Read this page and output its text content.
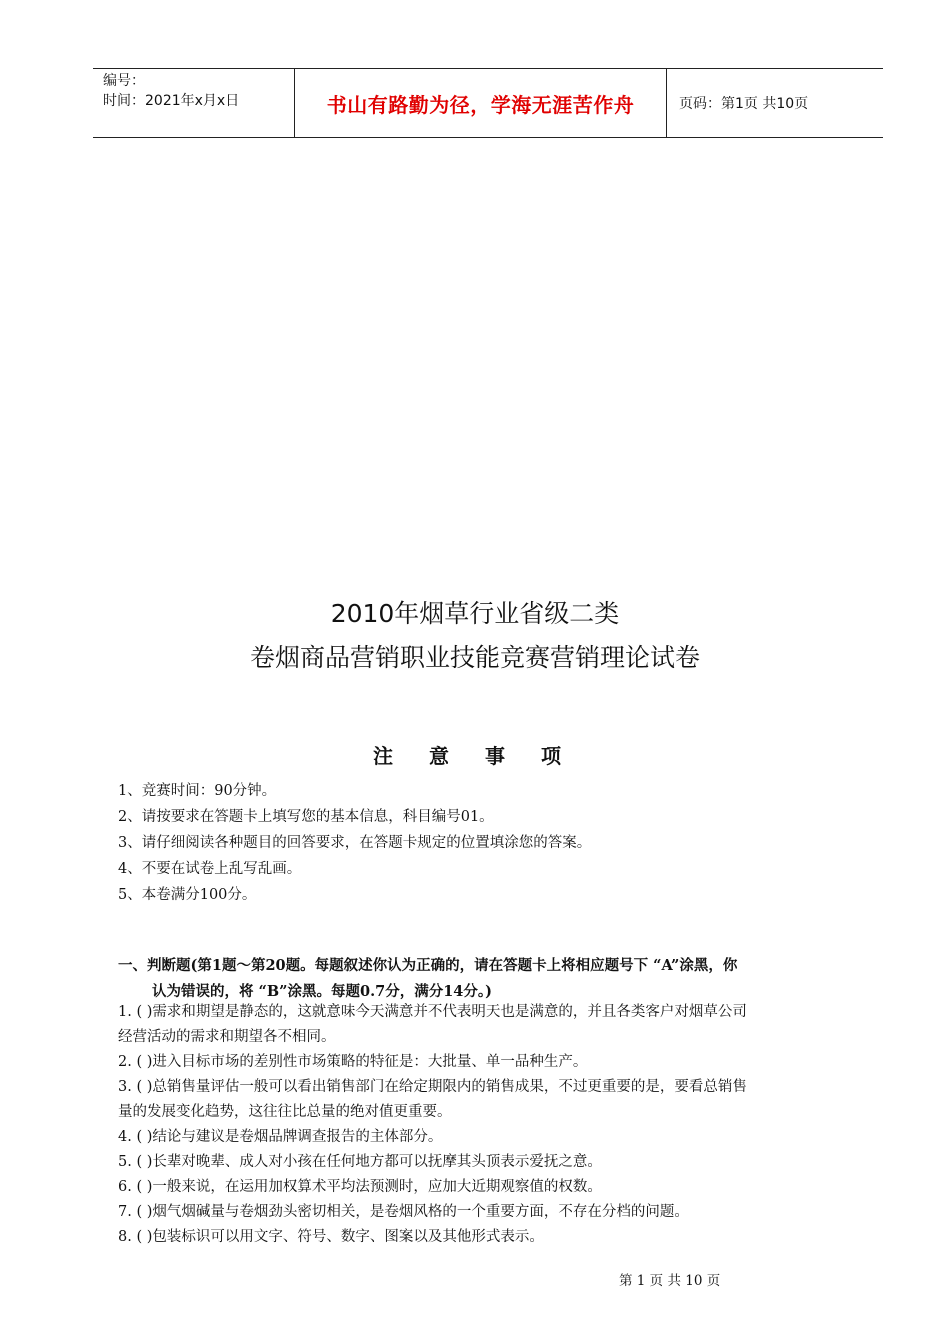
编号：
时间：2021年x月x日	书山有路勤为径，学海无涯苦作舟	页码：第1页 共10页
2010年烟草行业省级二类
卷烟商品营销职业技能竞赛营销理论试卷
注意事项
1、竞赛时间：90分钟。
2、请按要求在答题卡上填写您的基本信息，科目编号01。
3、请仔细阅读各种题目的回答要求，在答题卡规定的位置填涂您的答案。
4、不要在试卷上乱写乱画。
5、本卷满分100分。
一、判断题(第1题～第20题。每题叙述你认为正确的，请在答题卡上将相应题号下 “A”涂黑，你
认为错误的，将 “B”涂黑。每题0.7分，满分14分。)
1. ( )需求和期望是静态的，这就意味今天满意并不代表明天也是满意的，并且各类客户对烟草公司
经营活动的需求和期望各不相同。
2. ( )进入目标市场的差别性市场策略的特征是：大批量、单一品种生产。
3. ( )总销售量评估一般可以看出销售部门在给定期限内的销售成果，不过更重要的是，要看总销售
量的发展变化趋势，这往往比总量的绝对值更重要。
4. ( )结论与建议是卷烟品牌调查报告的主体部分。
5. ( )长辈对晚辈、成人对小孩在任何地方都可以抚摩其头顶表示爱抚之意。
6. ( )一般来说，在运用加权算术平均法预测时，应加大近期观察值的权数。
7. ( )烟气烟碱量与卷烟劲头密切相关，是卷烟风格的一个重要方面，不存在分档的问题。
8. ( )包装标识可以用文字、符号、数字、图案以及其他形式表示。
第 1 页 共 10 页
